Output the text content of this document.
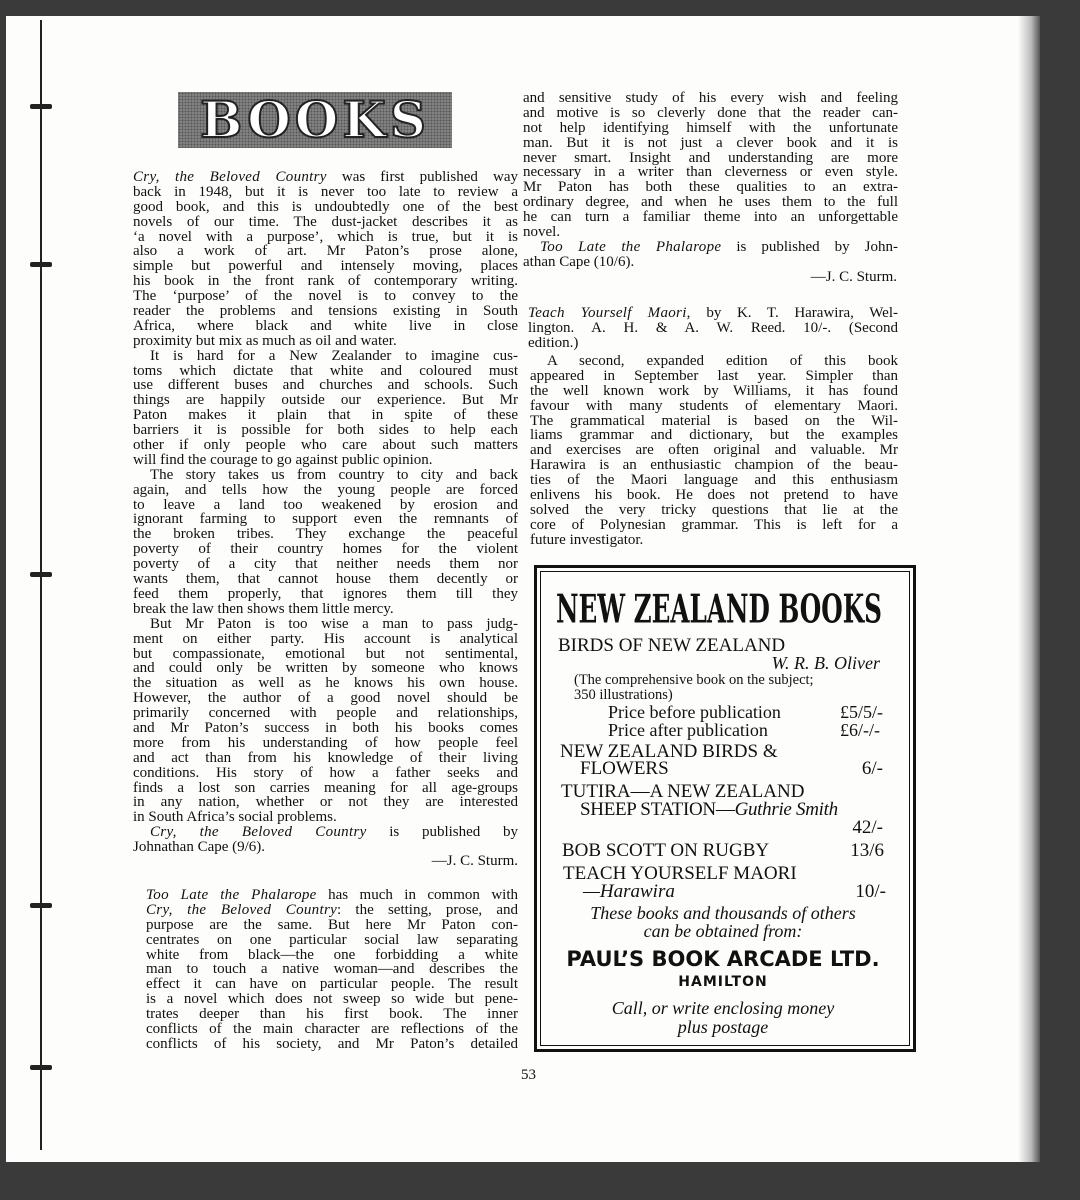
BOOKS
Cry, the Beloved Country was first published way
back in 1948, but it is never too late to review a
good book, and this is undoubtedly one of the best
novels of our time. The dust-jacket describes it as
‘a novel with a purpose’, which is true, but it is
also a work of art. Mr Paton’s prose alone,
simple but powerful and intensely moving, places
his book in the front rank of contemporary writing.
The ‘purpose’ of the novel is to convey to the
reader the problems and tensions existing in South
Africa, where black and white live in close
proximity but mix as much as oil and water.
It is hard for a New Zealander to imagine cus-
toms which dictate that white and coloured must
use different buses and churches and schools. Such
things are happily outside our experience. But Mr
Paton makes it plain that in spite of these
barriers it is possible for both sides to help each
other if only people who care about such matters
will find the courage to go against public opinion.
The story takes us from country to city and back
again, and tells how the young people are forced
to leave a land too weakened by erosion and
ignorant farming to support even the remnants of
the broken tribes. They exchange the peaceful
poverty of their country homes for the violent
poverty of a city that neither needs them nor
wants them, that cannot house them decently or
feed them properly, that ignores them till they
break the law then shows them little mercy.
But Mr Paton is too wise a man to pass judg-
ment on either party. His account is analytical
but compassionate, emotional but not sentimental,
and could only be written by someone who knows
the situation as well as he knows his own house.
However, the author of a good novel should be
primarily concerned with people and relationships,
and Mr Paton’s success in both his books comes
more from his understanding of how people feel
and act than from his knowledge of their living
conditions. His story of how a father seeks and
finds a lost son carries meaning for all age-groups
in any nation, whether or not they are interested
in South Africa’s social problems.
Cry, the Beloved Country is published by
Johnathan Cape (9/6).
—J. C. Sturm.
Too Late the Phalarope has much in common with
Cry, the Beloved Country: the setting, prose, and
purpose are the same. But here Mr Paton con-
centrates on one particular social law separating
white from black—the one forbidding a white
man to touch a native woman—and describes the
effect it can have on particular people. The result
is a novel which does not sweep so wide but pene-
trates deeper than his first book. The inner
conflicts of the main character are reflections of the
conflicts of his society, and Mr Paton’s detailed
and sensitive study of his every wish and feeling
and motive is so cleverly done that the reader can-
not help identifying himself with the unfortunate
man. But it is not just a clever book and it is
never smart. Insight and understanding are more
necessary in a writer than cleverness or even style.
Mr Paton has both these qualities to an extra-
ordinary degree, and when he uses them to the full
he can turn a familiar theme into an unforgettable
novel.
Too Late the Phalarope is published by John-
athan Cape (10/6).
—J. C. Sturm.
Teach Yourself Maori, by K. T. Harawira, Wel-
lington. A. H. & A. W. Reed. 10/-. (Second
edition.)
A second, expanded edition of this book
appeared in September last year. Simpler than
the well known work by Williams, it has found
favour with many students of elementary Maori.
The grammatical material is based on the Wil-
liams grammar and dictionary, but the examples
and exercises are often original and valuable. Mr
Harawira is an enthusiastic champion of the beau-
ties of the Maori language and this enthusiasm
enlivens his book. He does not pretend to have
solved the very tricky questions that lie at the
core of Polynesian grammar. This is left for a
future investigator.
NEW ZEALAND BOOKS
BIRDS OF NEW ZEALAND
W. R. B. Oliver
(The comprehensive book on the subject;
350 illustrations)
Price before publication	£5/5/-
Price after publication	£6/-/-
NEW ZEALAND BIRDS &
FLOWERS	6/-
TUTIRA—A NEW ZEALAND
SHEEP STATION—Guthrie Smith
42/-
BOB SCOTT ON RUGBY	13/6
TEACH YOURSELF MAORI
—Harawira	10/-
These books and thousands of others
can be obtained from:
PAUL’S BOOK ARCADE LTD.
HAMILTON
Call, or write enclosing money
plus postage
53
